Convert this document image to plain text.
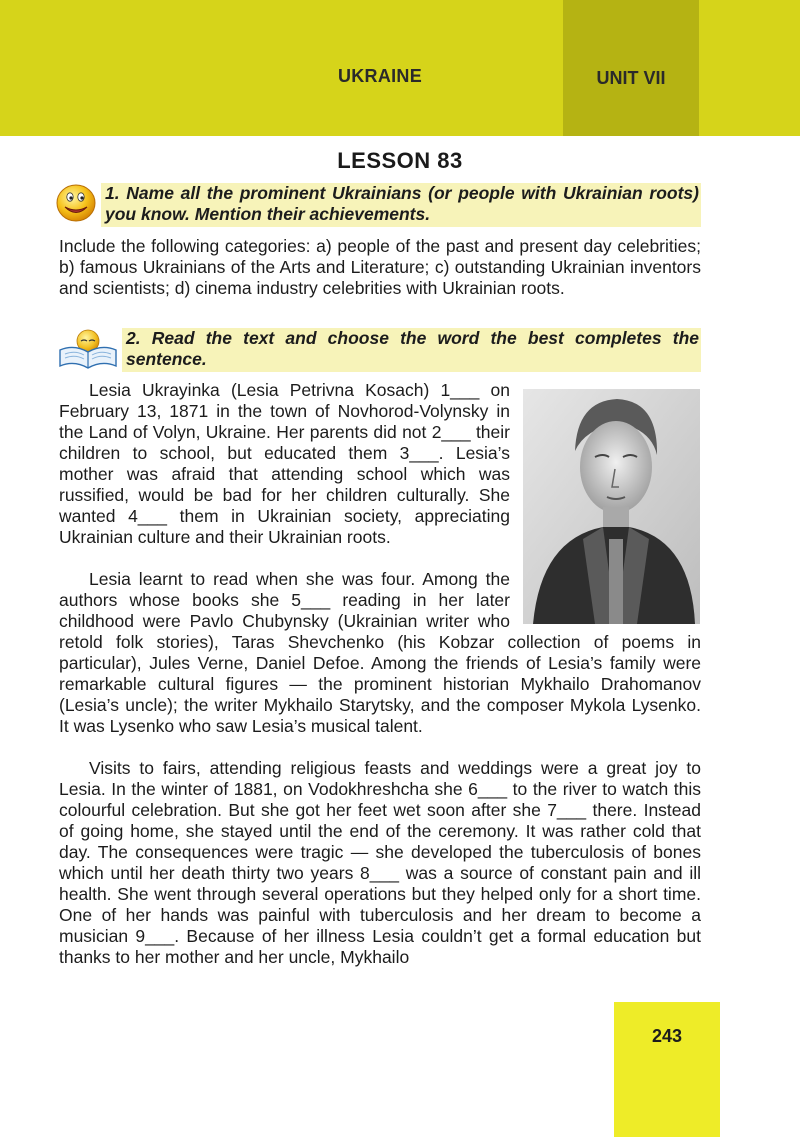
UKRAINE	UNIT VII
LESSON 83
1. Name all the prominent Ukrainians (or people with Ukrainian roots) you know. Mention their achievements.

Include the following categories: a) people of the past and present day celebrities; b) famous Ukrainians of the Arts and Literature; c) outstanding Ukrainian inventors and scientists; d) cinema industry celebrities with Ukrainian roots.

2. Read the text and choose the word the best completes the sentence.

Lesia Ukrayinka (Lesia Petrivna Kosach) 1___ on February 13, 1871 in the town of Novhorod-Volynsky in the Land of Volyn, Ukraine. Her parents did not 2___ their children to school, but educated them 3___. Lesia’s mother was afraid that attending school which was russified, would be bad for her children culturally. She wanted 4___ them in Ukrainian society, appreciating Ukrainian culture and their Ukrainian roots.

Lesia learnt to read when she was four. Among the authors whose books she 5___ reading in her later childhood were Pavlo Chubynsky (Ukrainian writer who retold folk stories), Taras Shevchenko (his Kobzar collection of poems in particular), Jules Verne, Daniel Defoe. Among the friends of Lesia’s family were remarkable cultural figures — the prominent historian Mykhailo Drahomanov (Lesia’s uncle); the writer Mykhailo Starytsky, and the composer Mykola Lysenko. It was Lysenko who saw Lesia’s musical talent.

Visits to fairs, attending religious feasts and weddings were a great joy to Lesia. In the winter of 1881, on Vodokhreshcha she 6___ to the river to watch this colourful celebration. But she got her feet wet soon after she 7___ there. Instead of going home, she stayed until the end of the ceremony. It was rather cold that day. The consequences were tragic — she developed the tuberculosis of bones which until her death thirty two years 8___ was a source of constant pain and ill health. She went through several operations but they helped only for a short time. One of her hands was painful with tuberculosis and her dream to become a musician 9___. Because of her illness Lesia couldn’t get a formal education but thanks to her mother and her uncle, Mykhailo

243
